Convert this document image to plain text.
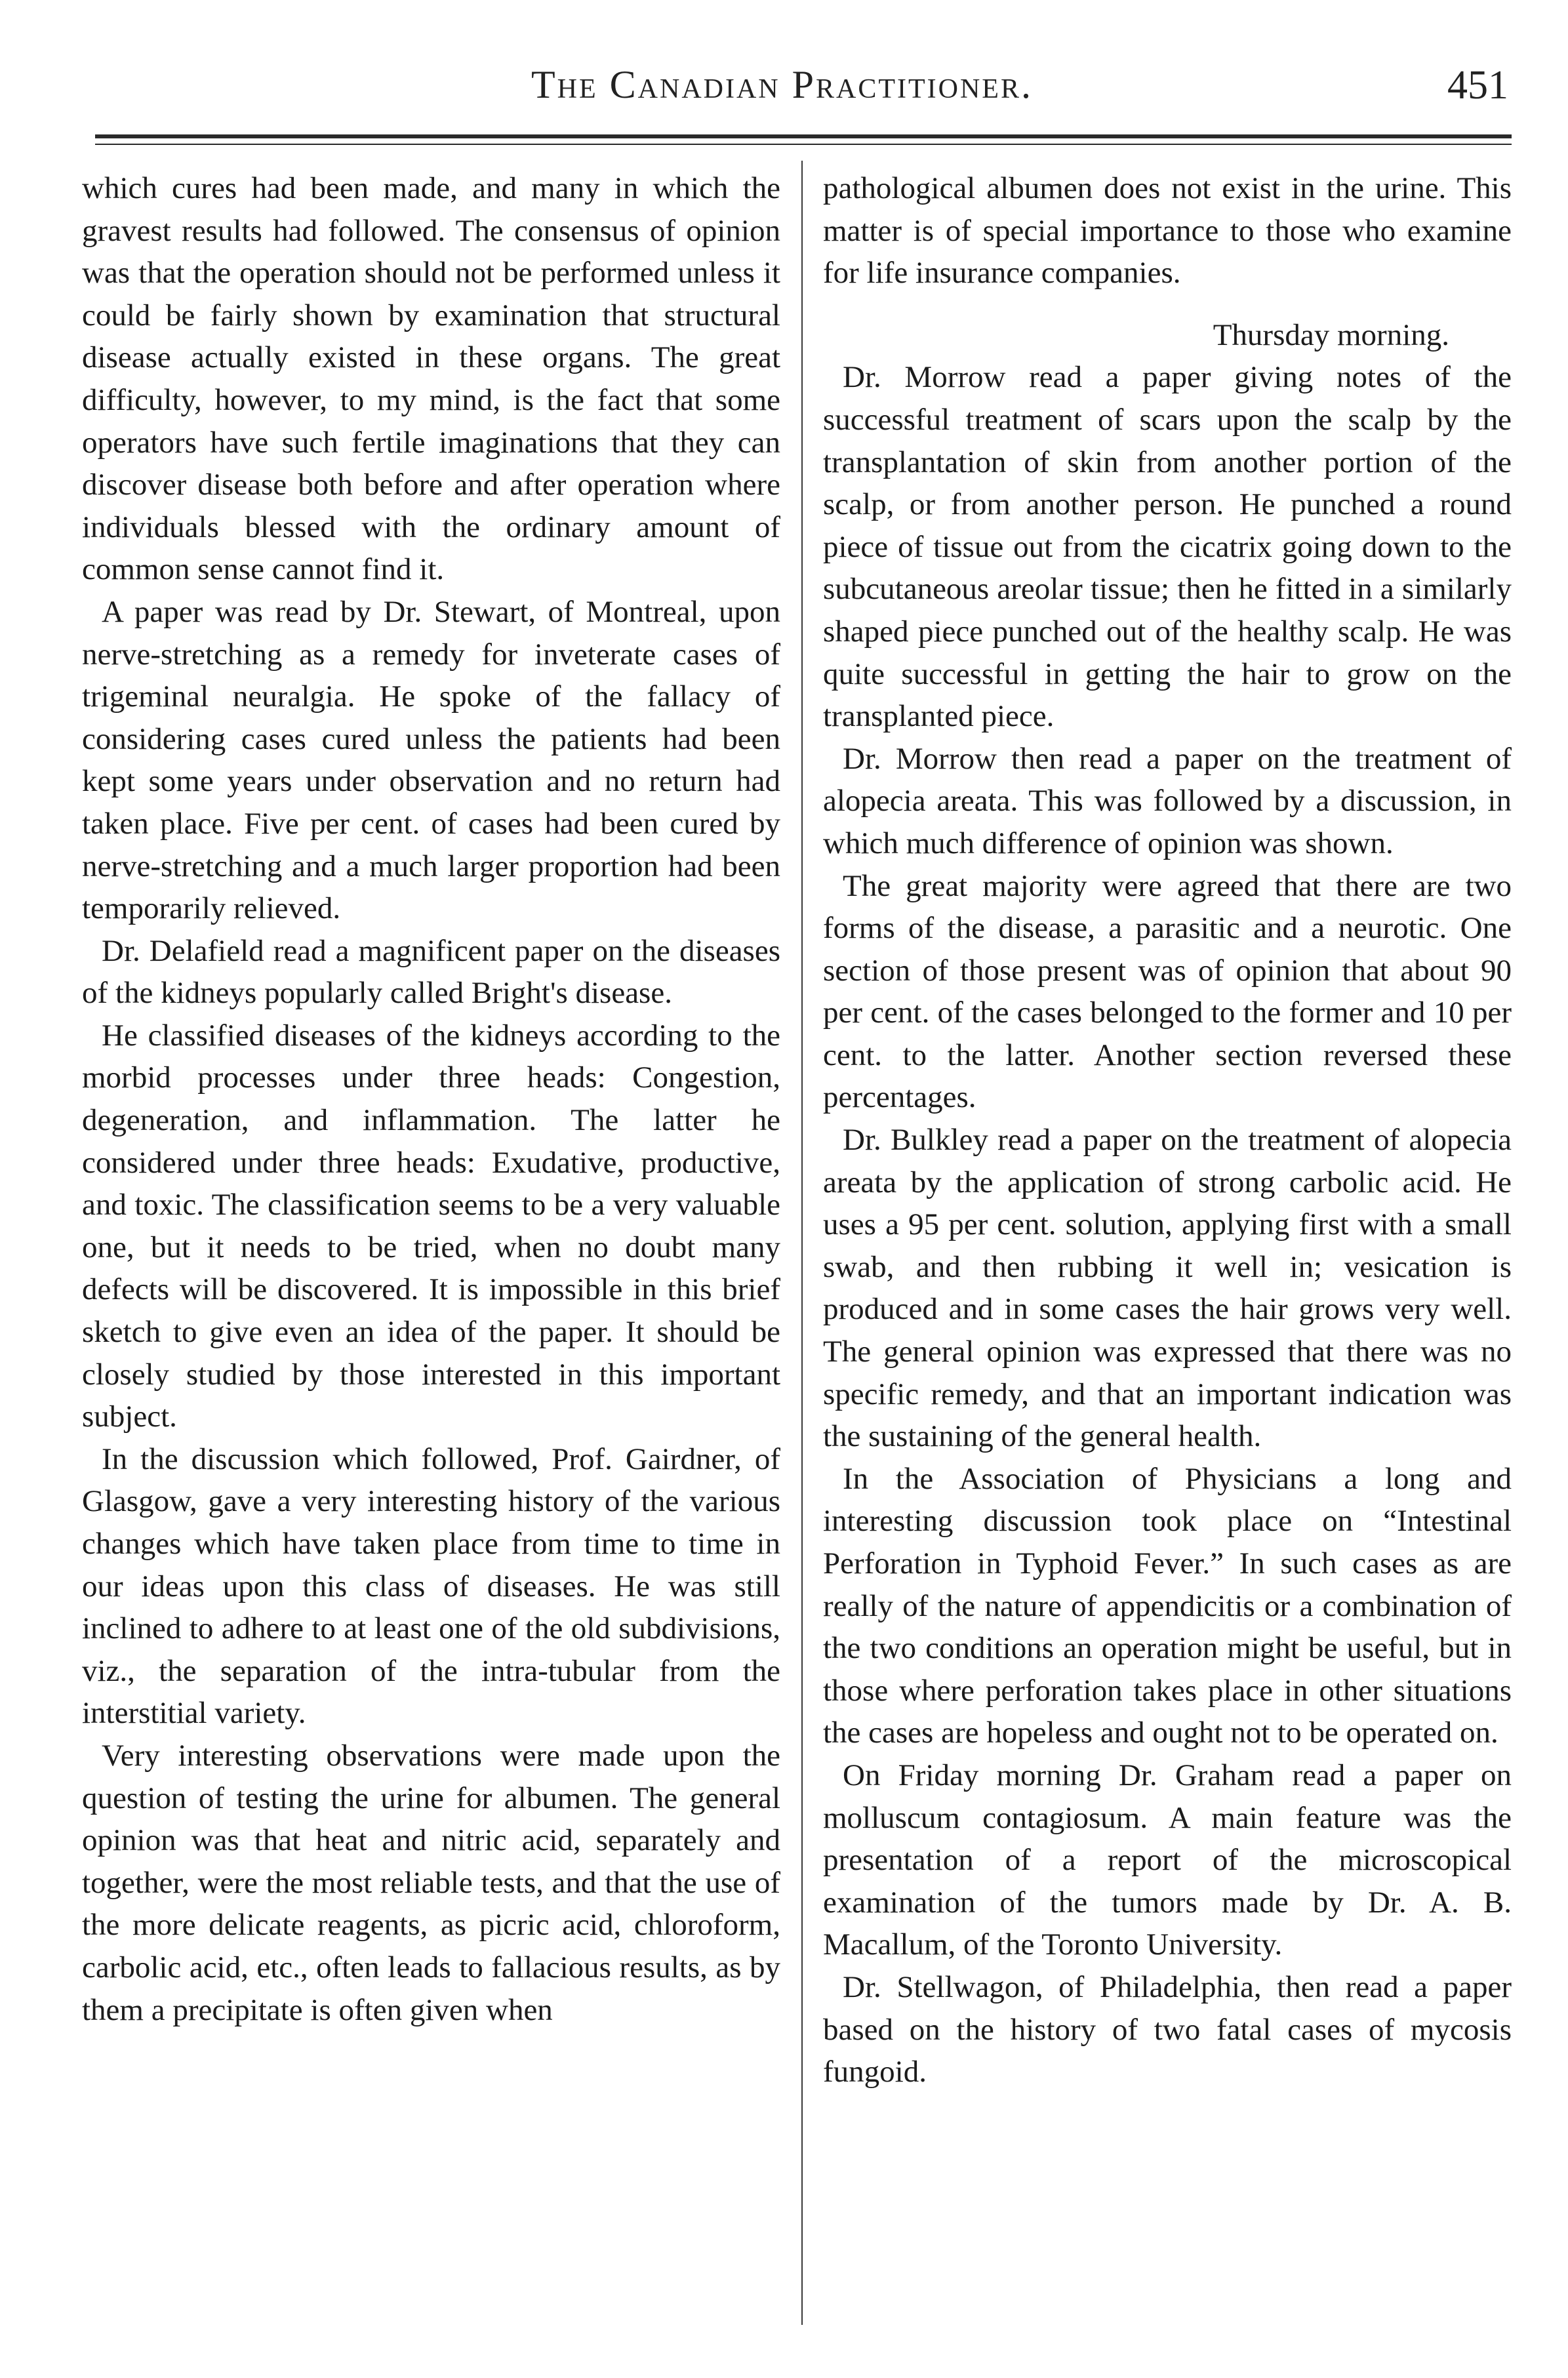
The Canadian Practitioner.	451

which cures had been made, and many in which the gravest results had followed. The consensus of opinion was that the operation should not be performed unless it could be fairly shown by examination that structural disease actually existed in these organs. The great difficulty, however, to my mind, is the fact that some operators have such fertile imaginations that they can discover disease both before and after operation where individuals blessed with the ordinary amount of common sense cannot find it.

A paper was read by Dr. Stewart, of Montreal, upon nerve-stretching as a remedy for inveterate cases of trigeminal neuralgia. He spoke of the fallacy of considering cases cured unless the patients had been kept some years under observation and no return had taken place. Five per cent. of cases had been cured by nerve-stretching and a much larger proportion had been temporarily relieved.

Dr. Delafield read a magnificent paper on the diseases of the kidneys popularly called Bright's disease.

He classified diseases of the kidneys according to the morbid processes under three heads: Congestion, degeneration, and inflammation. The latter he considered under three heads: Exudative, productive, and toxic. The classification seems to be a very valuable one, but it needs to be tried, when no doubt many defects will be discovered. It is impossible in this brief sketch to give even an idea of the paper. It should be closely studied by those interested in this important subject.

In the discussion which followed, Prof. Gairdner, of Glasgow, gave a very interesting history of the various changes which have taken place from time to time in our ideas upon this class of diseases. He was still inclined to adhere to at least one of the old subdivisions, viz., the separation of the intra-tubular from the interstitial variety.

Very interesting observations were made upon the question of testing the urine for albumen. The general opinion was that heat and nitric acid, separately and together, were the most reliable tests, and that the use of the more delicate reagents, as picric acid, chloroform, carbolic acid, etc., often leads to fallacious results, as by them a precipitate is often given when

pathological albumen does not exist in the urine. This matter is of special importance to those who examine for life insurance companies.

Thursday morning.

Dr. Morrow read a paper giving notes of the successful treatment of scars upon the scalp by the transplantation of skin from another portion of the scalp, or from another person. He punched a round piece of tissue out from the cicatrix going down to the subcutaneous areolar tissue; then he fitted in a similarly shaped piece punched out of the healthy scalp. He was quite successful in getting the hair to grow on the transplanted piece.

Dr. Morrow then read a paper on the treatment of alopecia areata. This was followed by a discussion, in which much difference of opinion was shown.

The great majority were agreed that there are two forms of the disease, a parasitic and a neurotic. One section of those present was of opinion that about 90 per cent. of the cases belonged to the former and 10 per cent. to the latter. Another section reversed these percentages.

Dr. Bulkley read a paper on the treatment of alopecia areata by the application of strong carbolic acid. He uses a 95 per cent. solution, applying first with a small swab, and then rubbing it well in; vesication is produced and in some cases the hair grows very well. The general opinion was expressed that there was no specific remedy, and that an important indication was the sustaining of the general health.

In the Association of Physicians a long and interesting discussion took place on “Intestinal Perforation in Typhoid Fever.” In such cases as are really of the nature of appendicitis or a combination of the two conditions an operation might be useful, but in those where perforation takes place in other situations the cases are hopeless and ought not to be operated on.

On Friday morning Dr. Graham read a paper on molluscum contagiosum. A main feature was the presentation of a report of the microscopical examination of the tumors made by Dr. A. B. Macallum, of the Toronto University.

Dr. Stellwagon, of Philadelphia, then read a paper based on the history of two fatal cases of mycosis fungoid.
